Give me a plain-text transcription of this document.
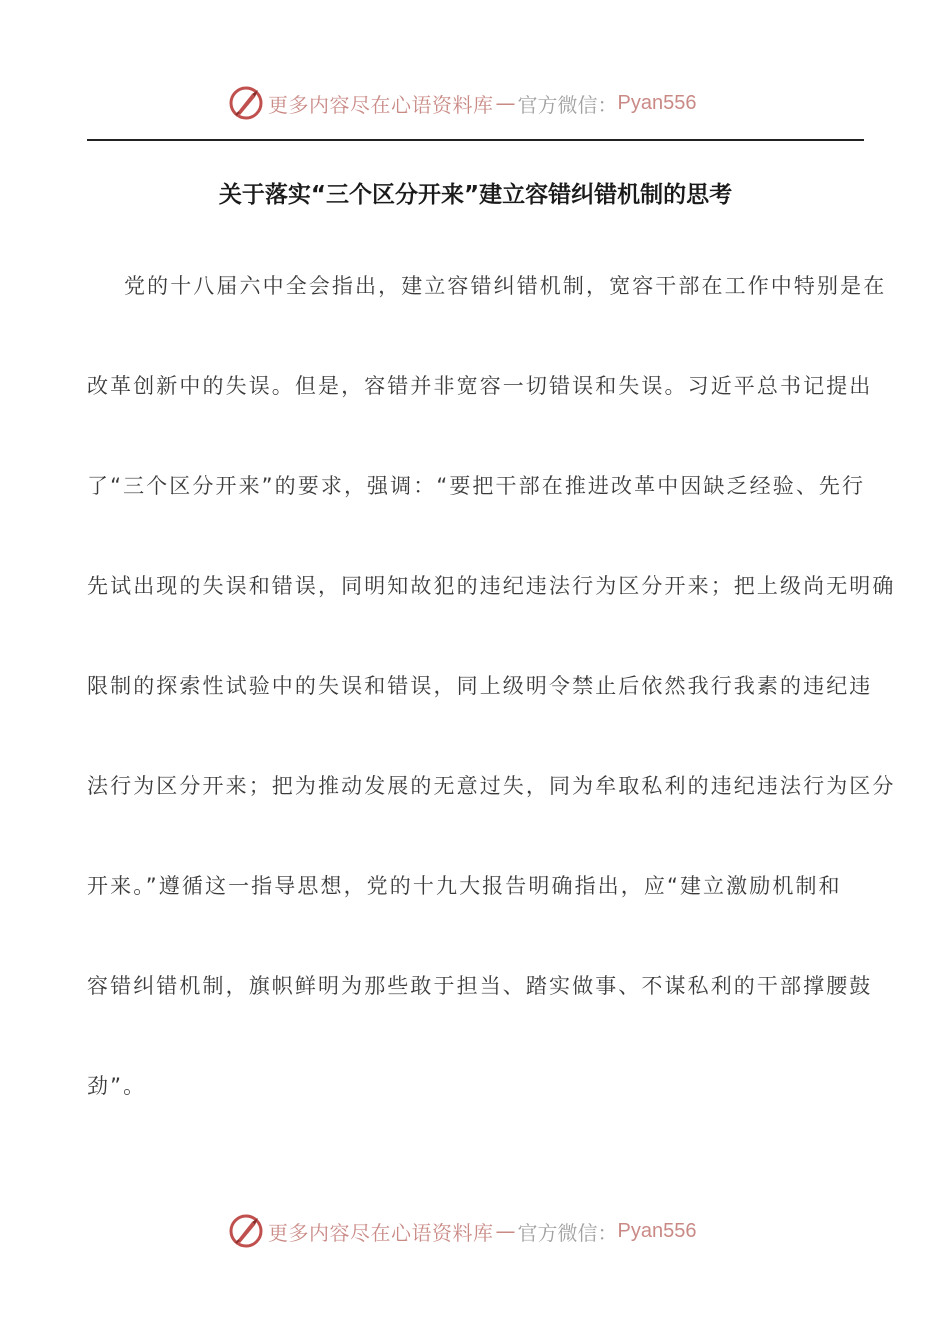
更多内容尽在心语资料库 — 官方微信： Pyan556
关于落实“三个区分开来”建立容错纠错机制的思考
党的十八届六中全会指出，建立容错纠错机制，宽容干部在工作中特别是在
改革创新中的失误。但是，容错并非宽容一切错误和失误。习近平总书记提出
了“三个区分开来”的要求，强调：“要把干部在推进改革中因缺乏经验、先行
先试出现的失误和错误，同明知故犯的违纪违法行为区分开来；把上级尚无明确
限制的探索性试验中的失误和错误，同上级明令禁止后依然我行我素的违纪违
法行为区分开来；把为推动发展的无意过失，同为牟取私利的违纪违法行为区分
开来。”遵循这一指导思想，党的十九大报告明确指出，应“建立激励机制和
容错纠错机制，旗帜鲜明为那些敢于担当、踏实做事、不谋私利的干部撑腰鼓
劲”。
更多内容尽在心语资料库 — 官方微信： Pyan556
